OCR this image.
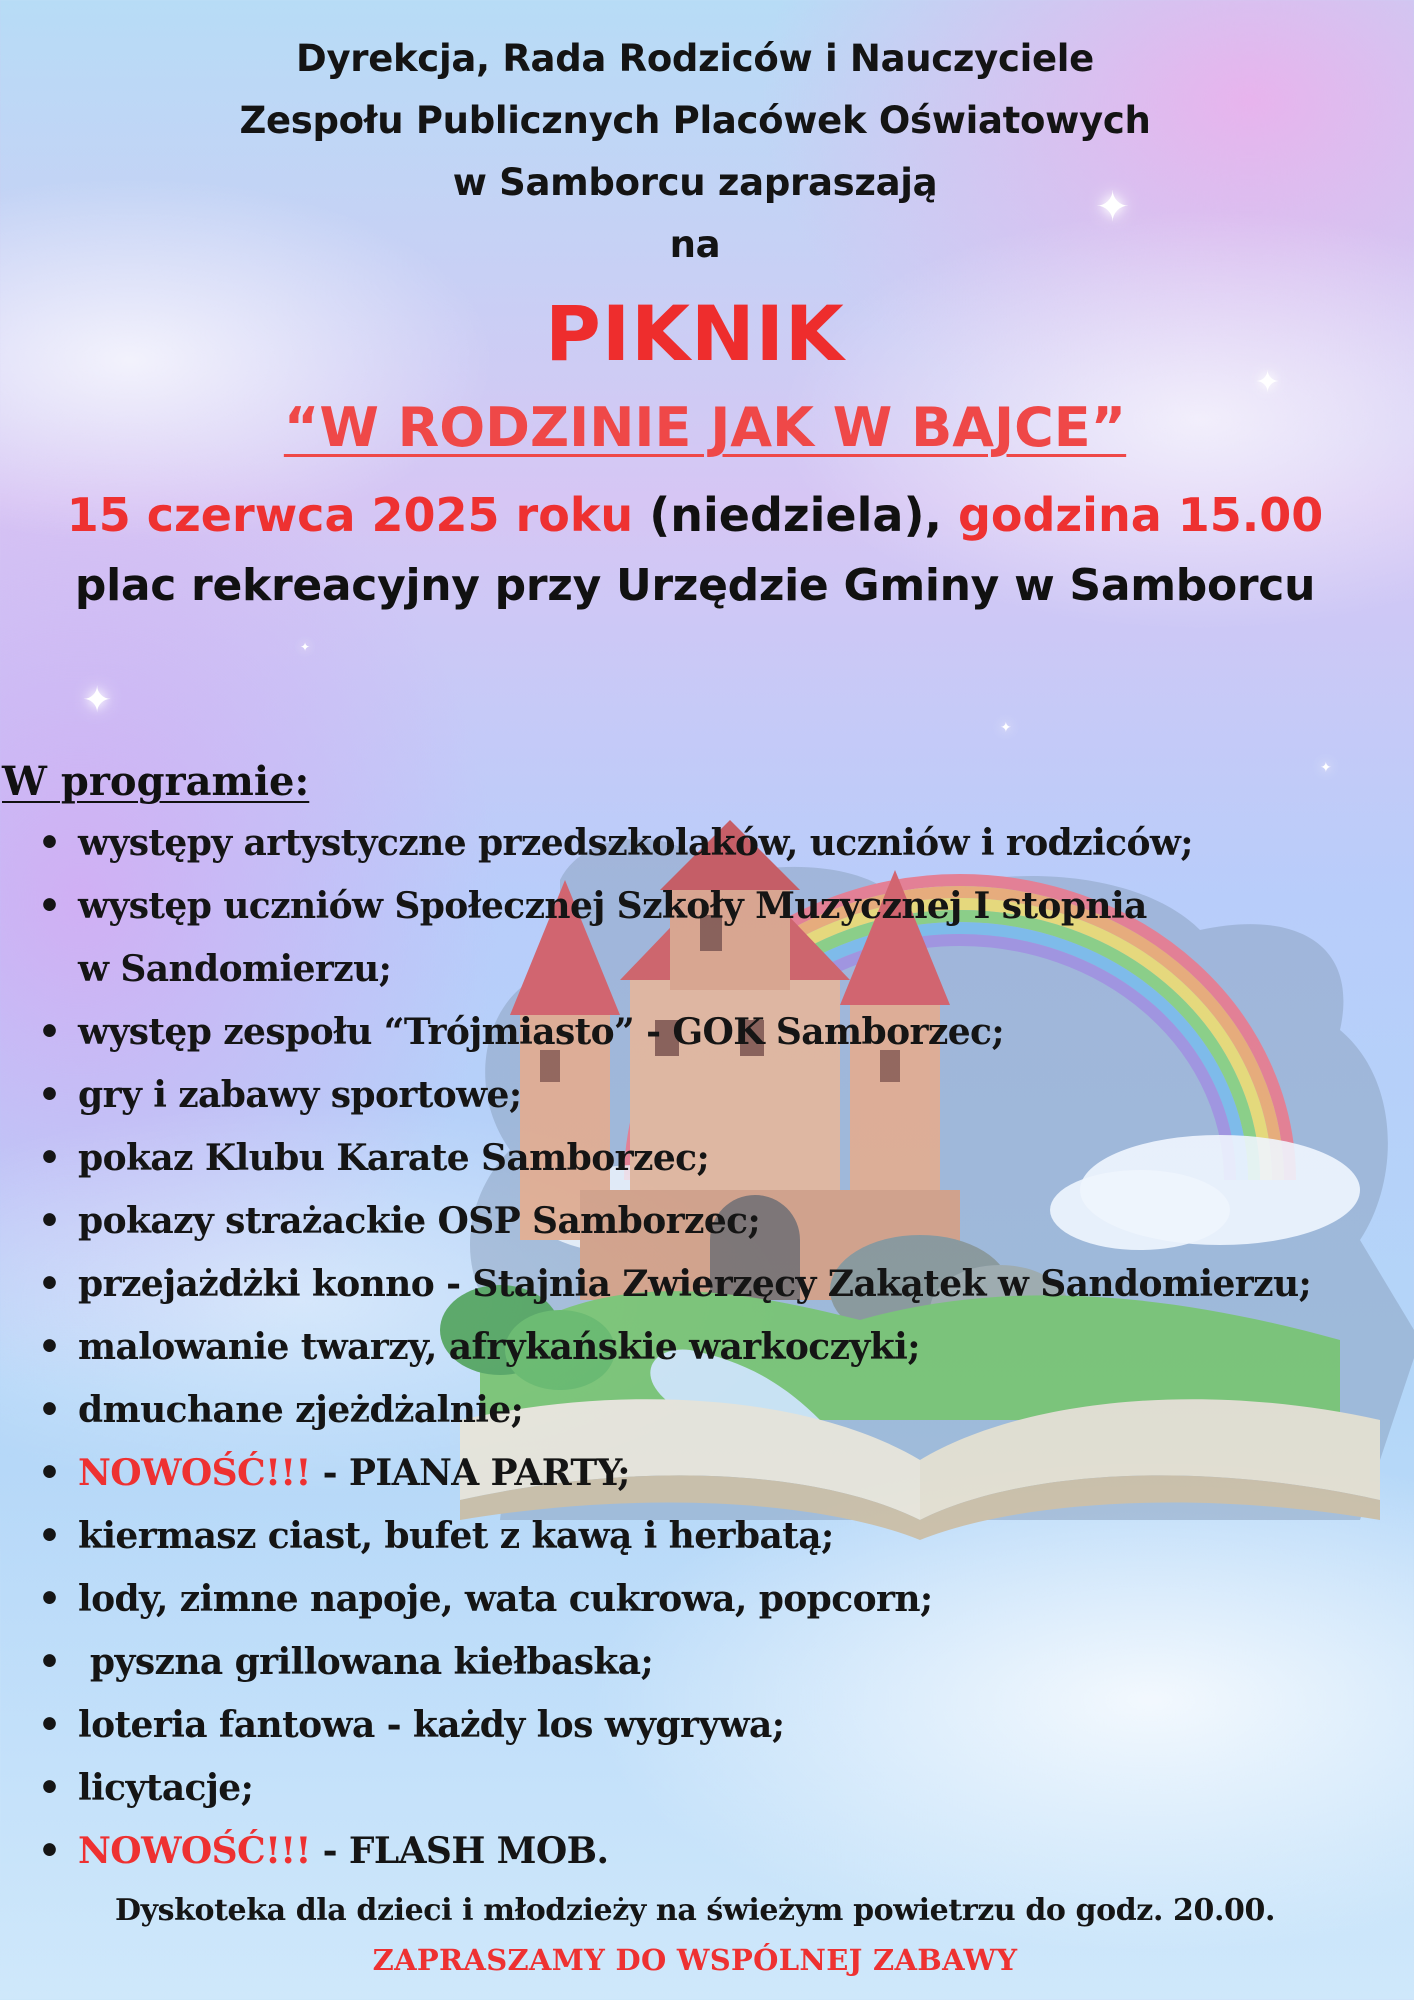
✦
✦
✦
✦
✦
✦
Dyrekcja, Rada Rodziców i Nauczyciele
Zespołu Publicznych Placówek Oświatowych
w Samborcu zapraszają
na
PIKNIK
“W RODZINIE JAK W BAJCE”
15 czerwca 2025 roku (niedziela), godzina 15.00
plac rekreacyjny przy Urzędzie Gminy w Samborcu
W programie:
• występy artystyczne przedszkolaków, uczniów i rodziców;
• występ uczniów Społecznej Szkoły Muzycznej I stopnia
w Sandomierzu;
• występ zespołu “Trójmiasto” - GOK Samborzec;
• gry i zabawy sportowe;
• pokaz Klubu Karate Samborzec;
• pokazy strażackie OSP Samborzec;
• przejażdżki konno - Stajnia Zwierzęcy Zakątek w Sandomierzu;
• malowanie twarzy, afrykańskie warkoczyki;
• dmuchane zjeżdżalnie;
• NOWOŚĆ!!! - PIANA PARTY;
• kiermasz ciast, bufet z kawą i herbatą;
• lody, zimne napoje, wata cukrowa, popcorn;
• pyszna grillowana kiełbaska;
• loteria fantowa - każdy los wygrywa;
• licytacje;
• NOWOŚĆ!!! - FLASH MOB.
Dyskoteka dla dzieci i młodzieży na świeżym powietrzu do godz. 20.00.
ZAPRASZAMY DO WSPÓLNEJ ZABAWY
